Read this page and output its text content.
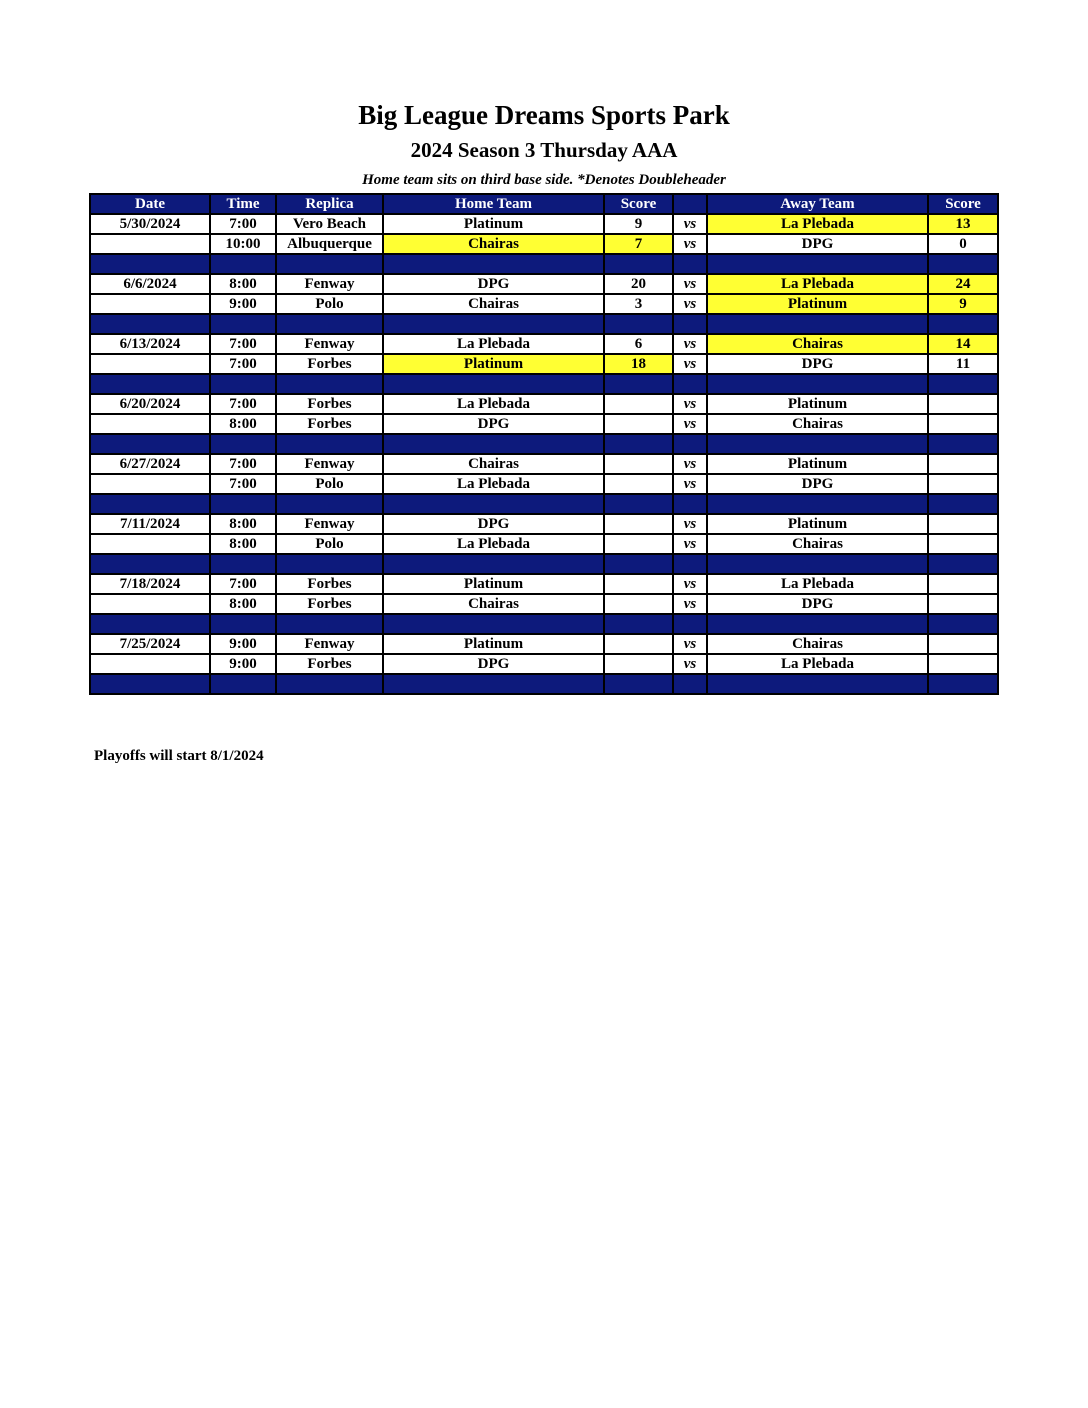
Big League Dreams Sports Park
2024 Season 3 Thursday AAA
Home team sits on third base side. *Denotes Doubleheader
Date	Time	Replica	Home Team	Score		Away Team	Score
5/30/2024	7:00	Vero Beach	Platinum	9	vs	La Plebada	13
	10:00	Albuquerque	Chairas	7	vs	DPG	0

6/6/2024	8:00	Fenway	DPG	20	vs	La Plebada	24
	9:00	Polo	Chairas	3	vs	Platinum	9

6/13/2024	7:00	Fenway	La Plebada	6	vs	Chairas	14
	7:00	Forbes	Platinum	18	vs	DPG	11

6/20/2024	7:00	Forbes	La Plebada		vs	Platinum	
	8:00	Forbes	DPG		vs	Chairas	

6/27/2024	7:00	Fenway	Chairas		vs	Platinum	
	7:00	Polo	La Plebada		vs	DPG	

7/11/2024	8:00	Fenway	DPG		vs	Platinum	
	8:00	Polo	La Plebada		vs	Chairas	

7/18/2024	7:00	Forbes	Platinum		vs	La Plebada	
	8:00	Forbes	Chairas		vs	DPG	

7/25/2024	9:00	Fenway	Platinum		vs	Chairas	
	9:00	Forbes	DPG		vs	La Plebada	

Playoffs will start 8/1/2024
